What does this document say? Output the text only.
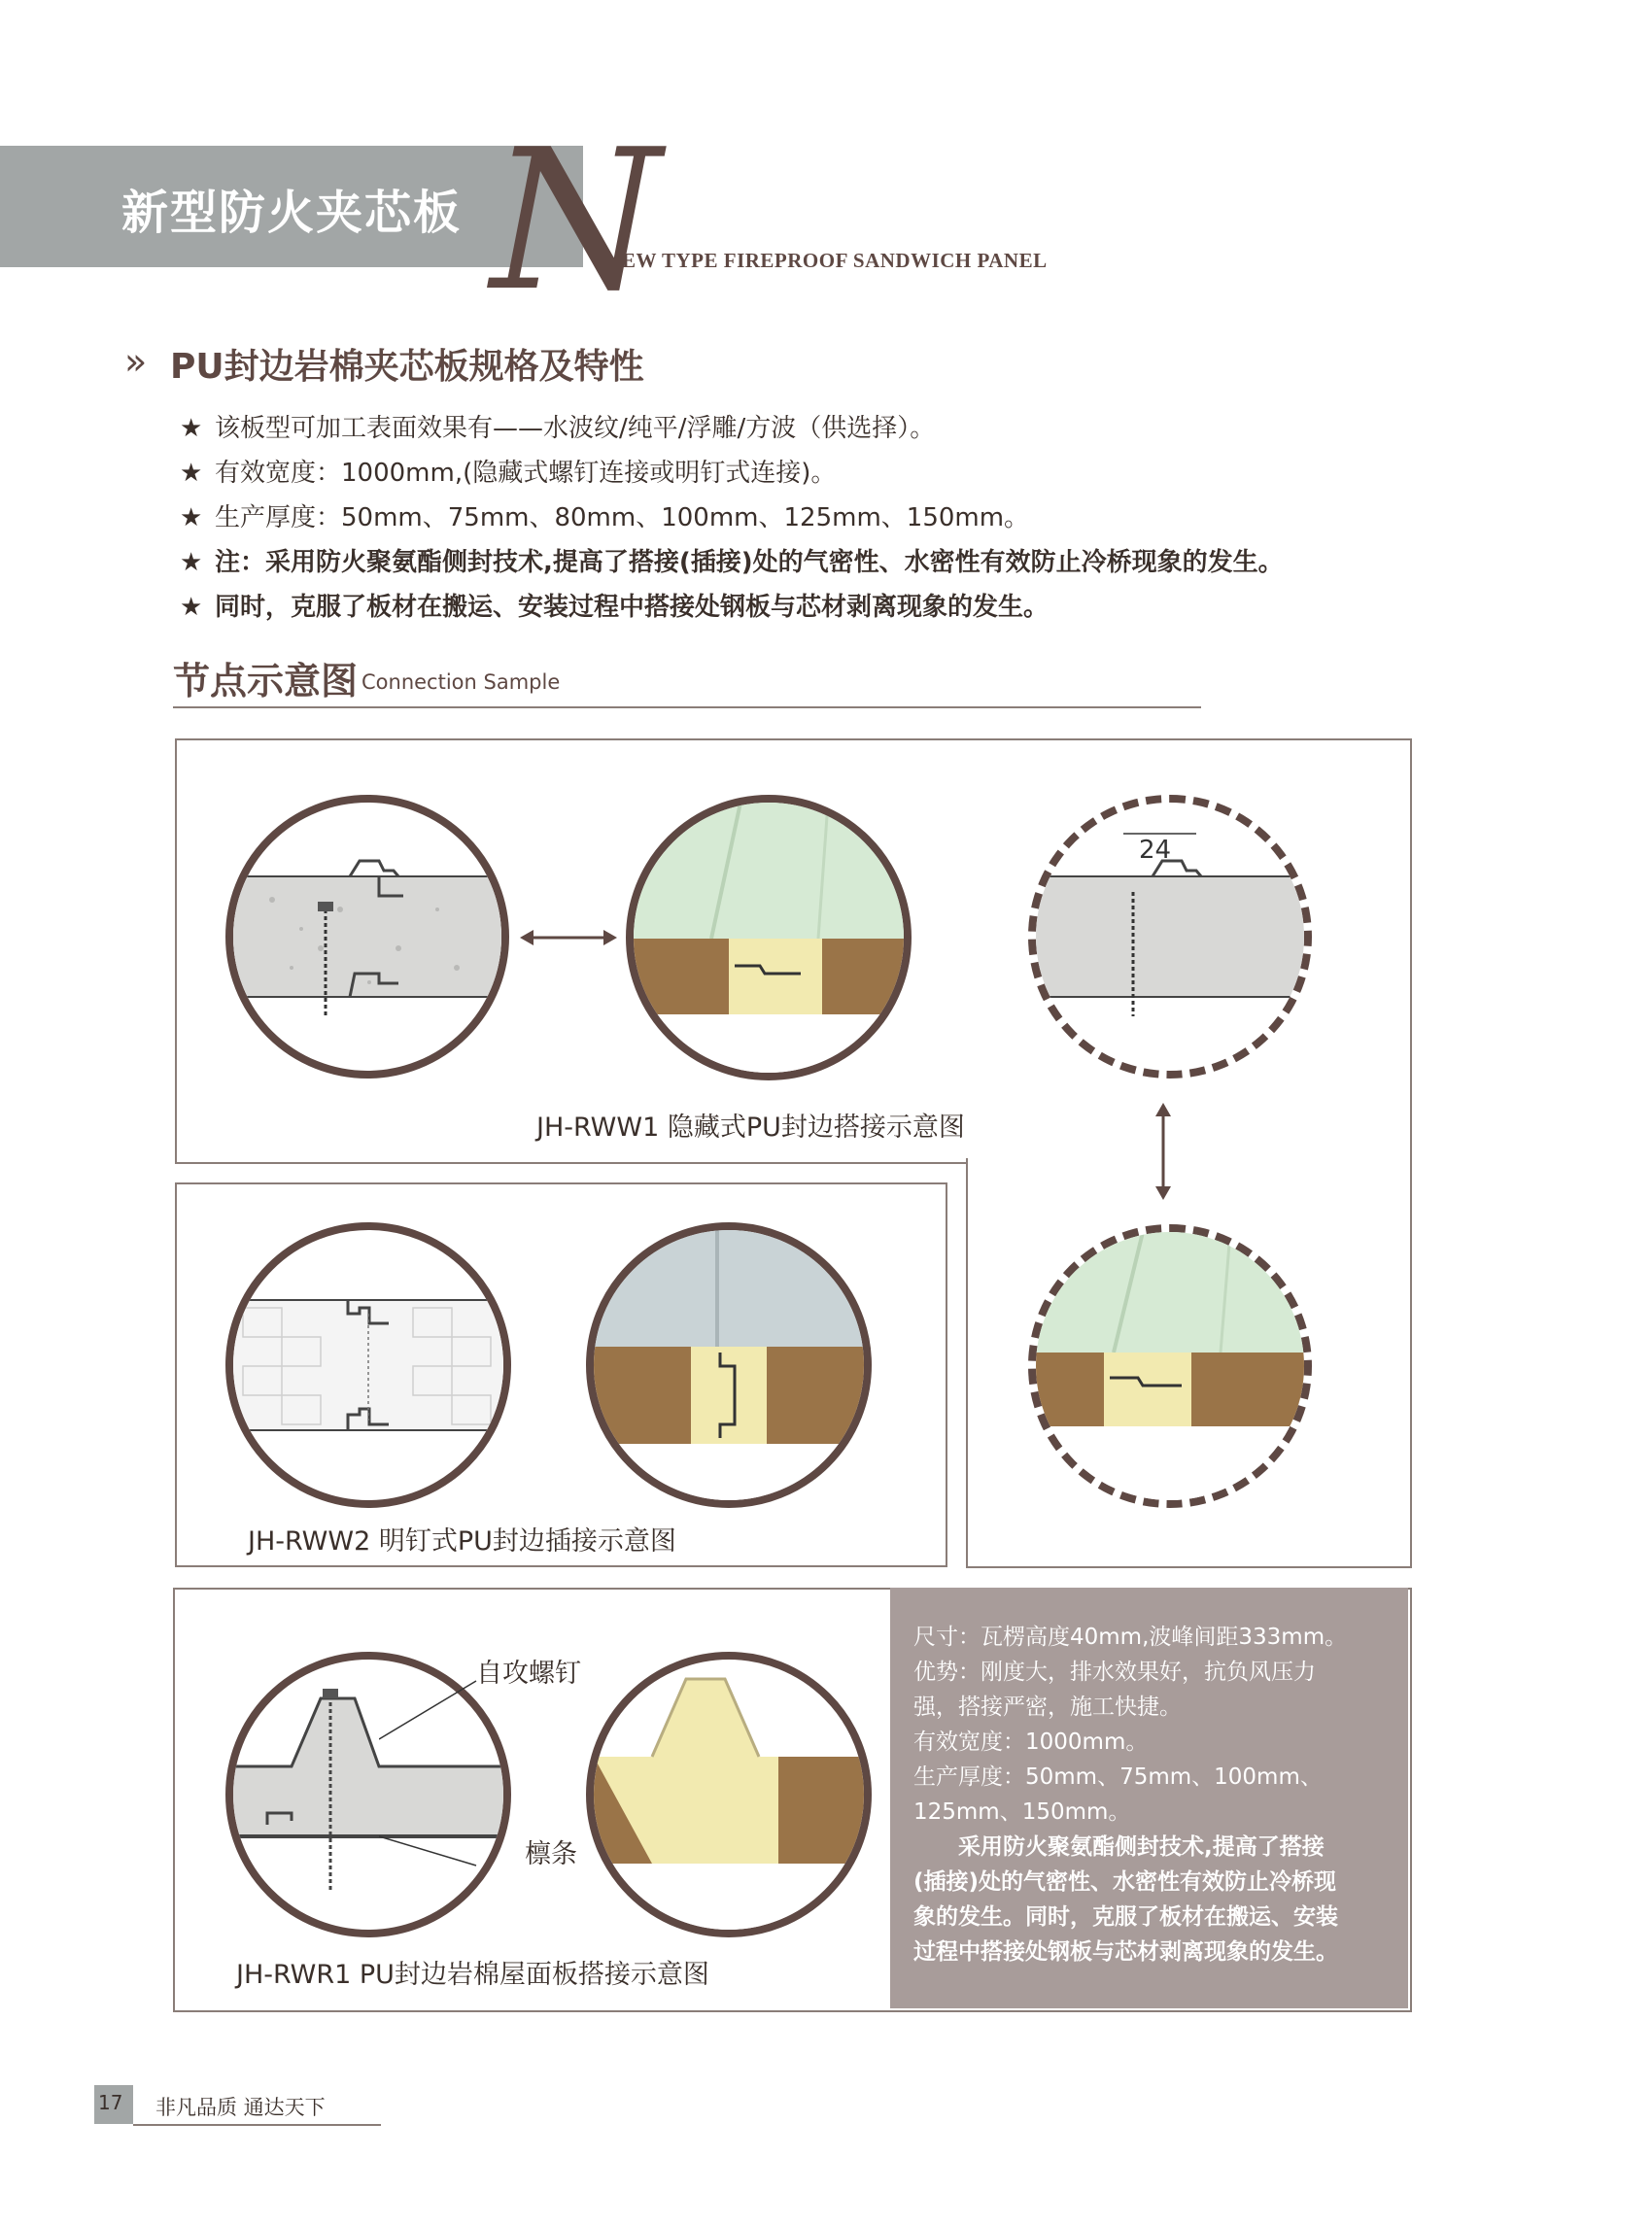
新型防火夹芯板 N
EW TYPE FIREPROOF SANDWICH PANEL
» PU封边岩棉夹芯板规格及特性
★ 该板型可加工表面效果有——水波纹/纯平/浮雕/方波（供选择）。
★ 有效宽度：1000mm,(隐藏式螺钉连接或明钉式连接)。
★ 生产厚度：50mm、75mm、80mm、100mm、125mm、150mm。
★ 注：采用防火聚氨酯侧封技术,提高了搭接(插接)处的气密性、水密性有效防止冷桥现象的发生。
★ 同时，克服了板材在搬运、安装过程中搭接处钢板与芯材剥离现象的发生。
节点示意图 Connection Sample
24
JH-RWW1 隐藏式PU封边搭接示意图
JH-RWW2 明钉式PU封边插接示意图
自攻螺钉
檩条
JH-RWR1 PU封边岩棉屋面板搭接示意图
尺寸：瓦楞高度40mm,波峰间距333mm。
优势：刚度大，排水效果好，抗负风压力
强，搭接严密，施工快捷。
有效宽度：1000mm。
生产厚度：50mm、75mm、100mm、
125mm、150mm。
　　采用防火聚氨酯侧封技术,提高了搭接
(插接)处的气密性、水密性有效防止冷桥现
象的发生。同时，克服了板材在搬运、安装
过程中搭接处钢板与芯材剥离现象的发生。
17 非凡品质 通达天下
